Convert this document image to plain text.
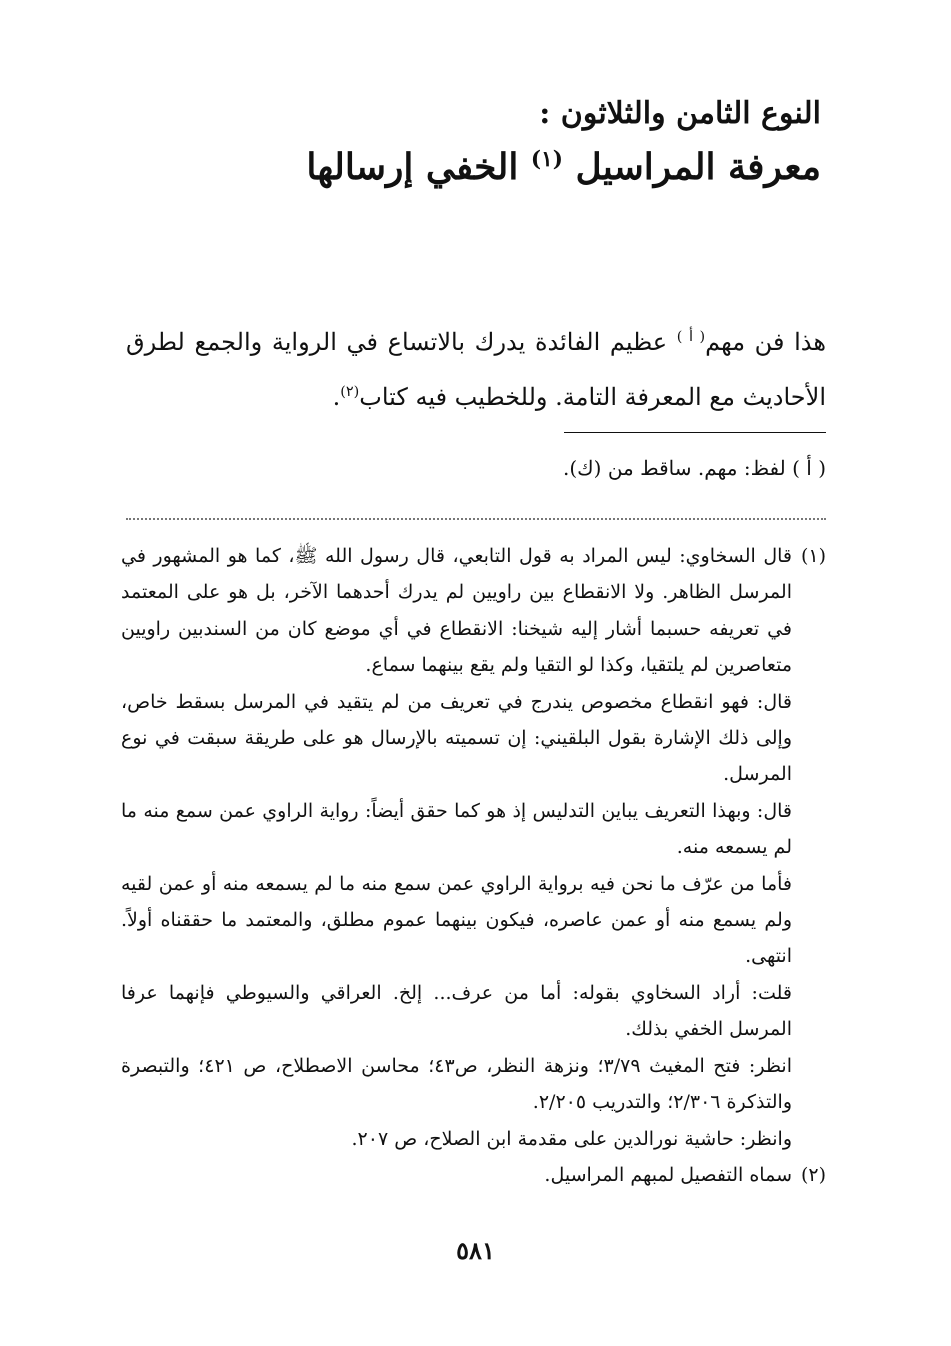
النوع الثامن والثلاثون :

معرفة المراسيل $^{(١)}$ الخفي إرسالها

هذا فن مهم$^{( أ )}$ عظيم الفائدة يدرك بالاتساع في الرواية والجمع لطرق الأحاديث مع المعرفة التامة. وللخطيب فيه كتاب$^{(٢)}$.

( أ ) لفظ: مهم. ساقط من (ك).

(١)

قال السخاوي: ليس المراد به قول التابعي، قال رسول الله ﷺ، كما هو المشهور في المرسل الظاهر. ولا الانقطاع بين راويين لم يدرك أحدهما الآخر، بل هو على المعتمد في تعريفه حسبما أشار إليه شيخنا: الانقطاع في أي موضع كان من السندبين راويين متعاصرين لم يلتقيا، وكذا لو التقيا ولم يقع بينهما سماع.

قال: فهو انقطاع مخصوص يندرج في تعريف من لم يتقيد في المرسل بسقط خاص، وإلى ذلك الإشارة بقول البلقيني: إن تسميته بالإرسال هو على طريقة سبقت في نوع المرسل.

قال: وبهذا التعريف يباين التدليس إذ هو كما حقق أيضاً: رواية الراوي عمن سمع منه ما لم يسمعه منه.

فأما من عرّف ما نحن فيه برواية الراوي عمن سمع منه ما لم يسمعه منه أو عمن لقيه ولم يسمع منه أو عمن عاصره، فيكون بينهما عموم مطلق، والمعتمد ما حققناه أولاً. انتهى.

قلت: أراد السخاوي بقوله: أما من عرف... إلخ. العراقي والسيوطي فإنهما عرفا المرسل الخفي بذلك.

انظر: فتح المغيث ٣/٧٩؛ ونزهة النظر، ص٤٣؛ محاسن الاصطلاح، ص ٤٢١؛ والتبصرة والتذكرة ٢/٣٠٦؛ والتدريب ٢/٢٠٥.

وانظر: حاشية نورالدين على مقدمة ابن الصلاح، ص ٢٠٧.

(٢)

سماه التفصيل لمبهم المراسيل.

٥٨١
